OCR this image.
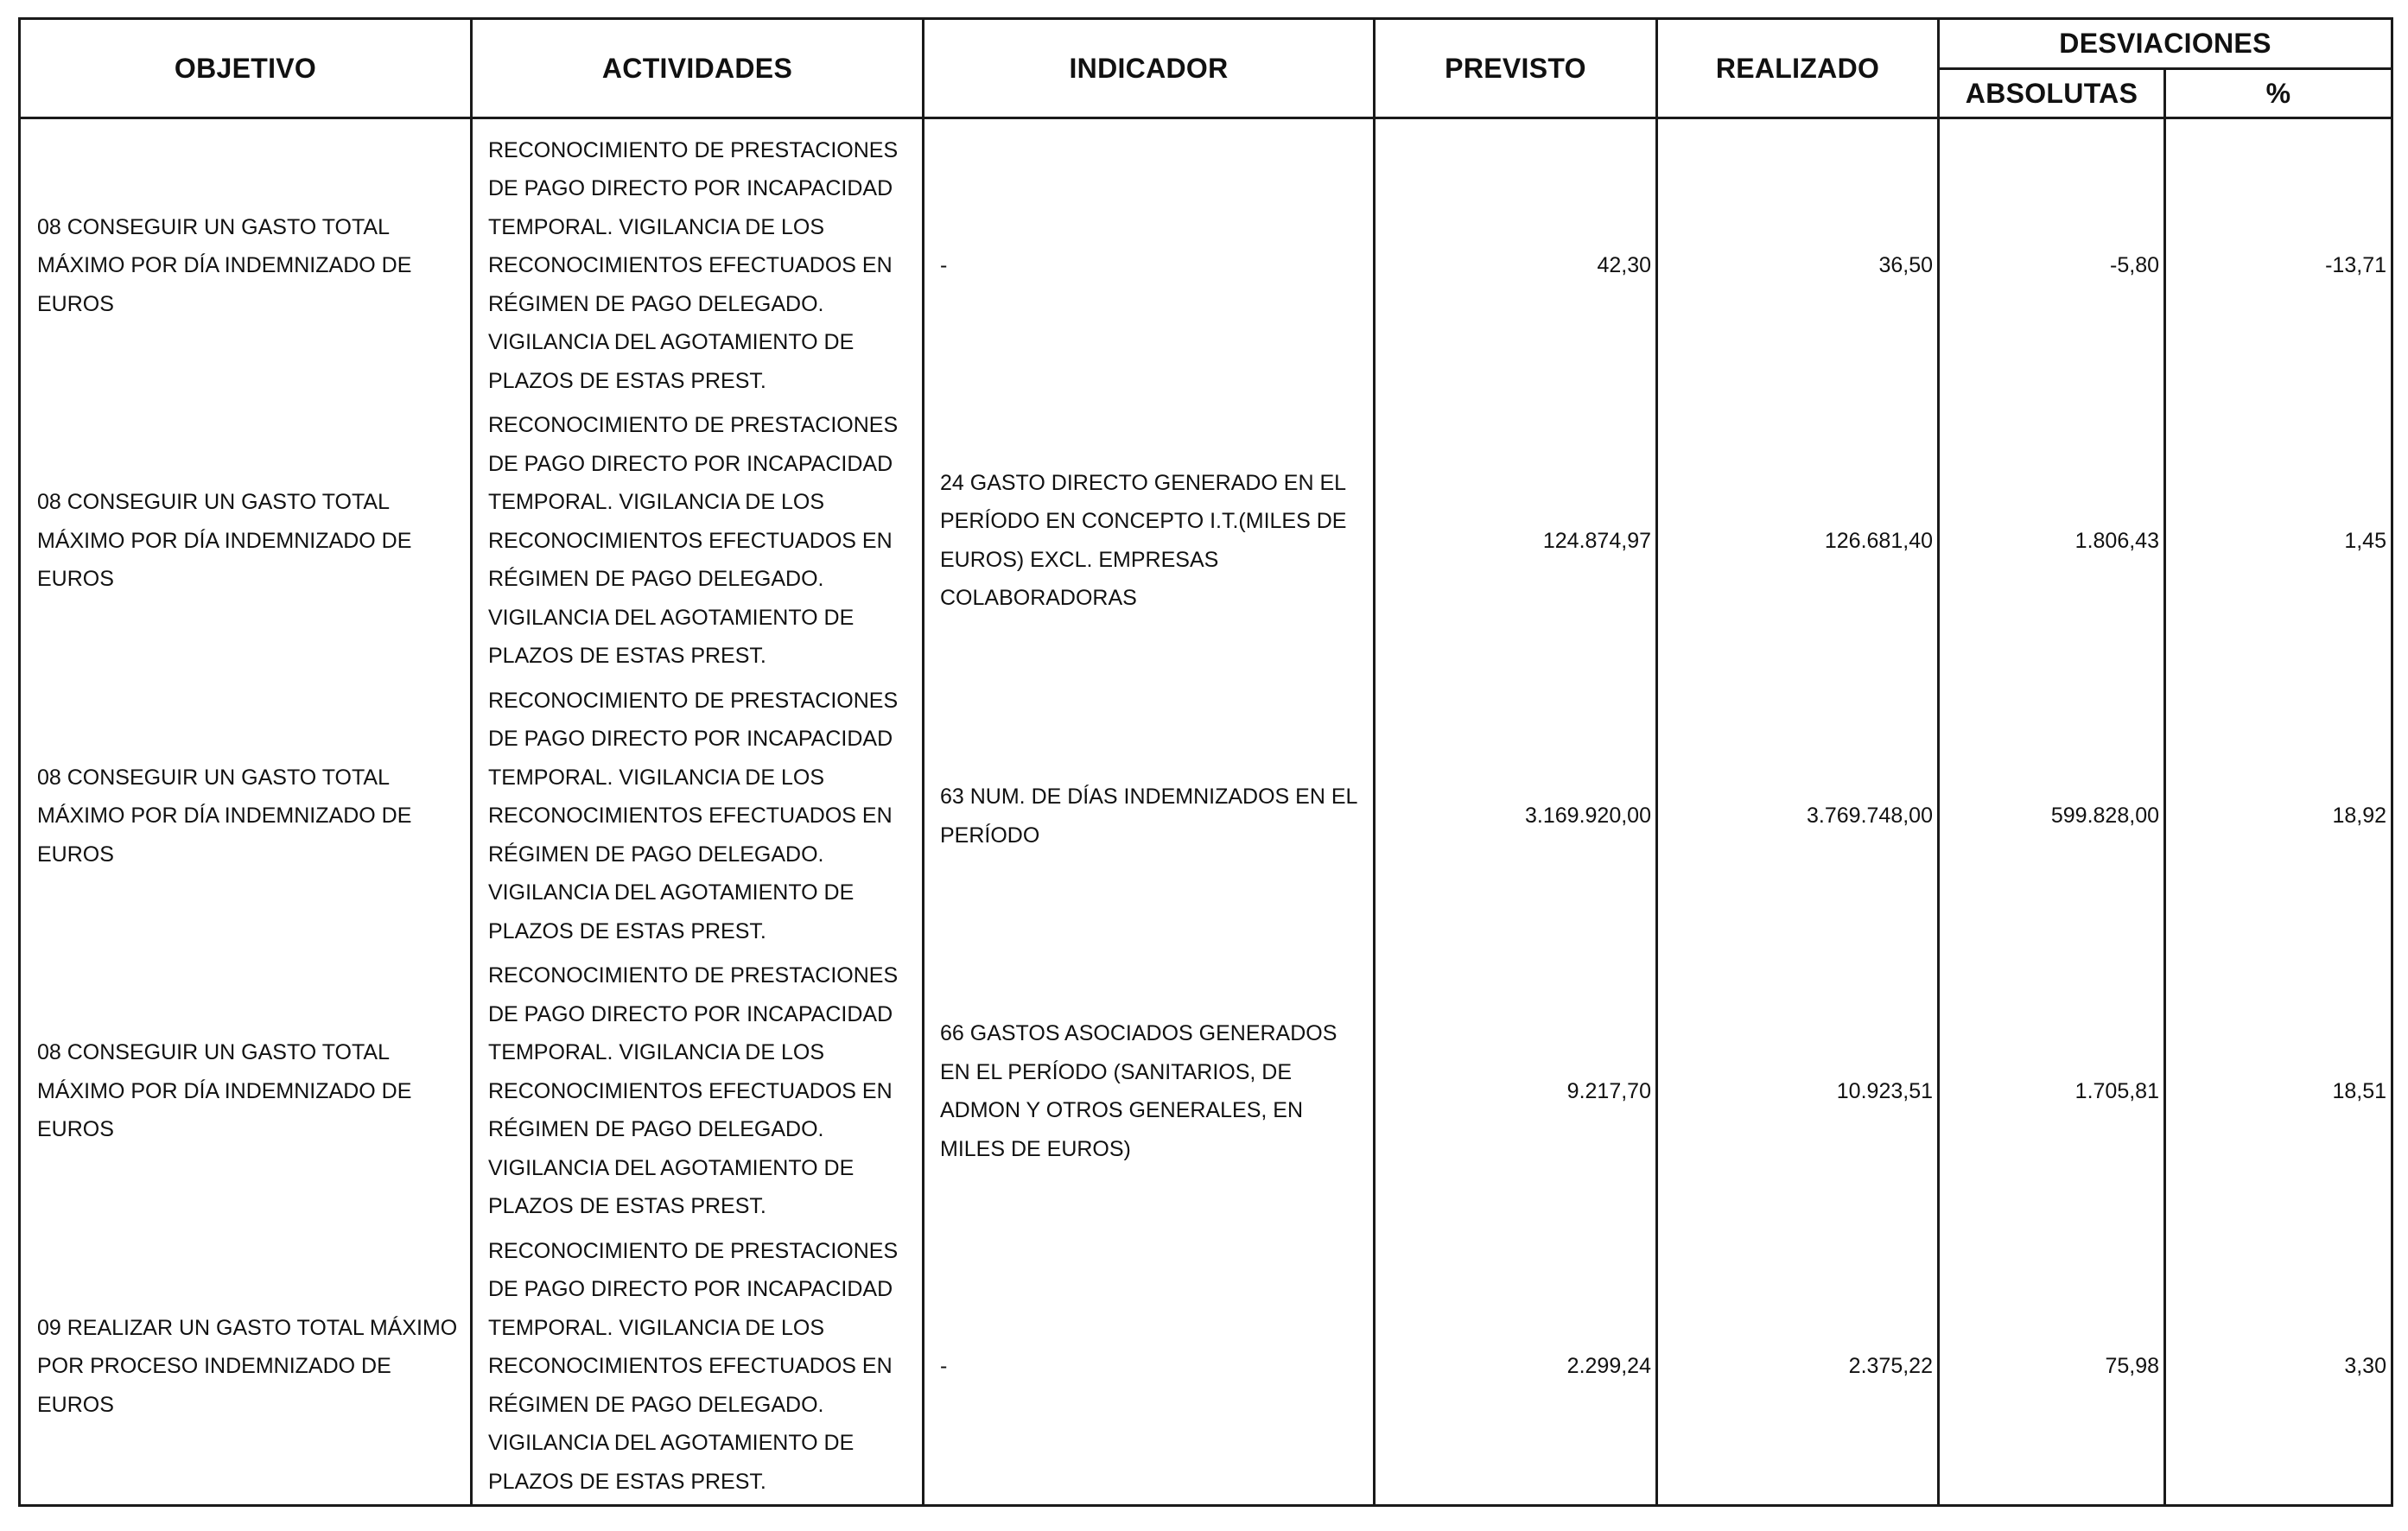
OBJETIVO	ACTIVIDADES	INDICADOR	PREVISTO	REALIZADO	DESVIACIONES	
					ABSOLUTAS	%
08 CONSEGUIR UN GASTO TOTAL MÁXIMO POR DÍA INDEMNIZADO DE EUROS	RECONOCIMIENTO DE PRESTACIONES DE PAGO DIRECTO POR INCAPACIDAD TEMPORAL. VIGILANCIA DE LOS RECONOCIMIENTOS EFECTUADOS EN RÉGIMEN DE PAGO DELEGADO. VIGILANCIA DEL AGOTAMIENTO DE PLAZOS DE ESTAS PREST.	-	42,30	36,50	-5,80	-13,71
08 CONSEGUIR UN GASTO TOTAL MÁXIMO POR DÍA INDEMNIZADO DE EUROS	RECONOCIMIENTO DE PRESTACIONES DE PAGO DIRECTO POR INCAPACIDAD TEMPORAL. VIGILANCIA DE LOS RECONOCIMIENTOS EFECTUADOS EN RÉGIMEN DE PAGO DELEGADO. VIGILANCIA DEL AGOTAMIENTO DE PLAZOS DE ESTAS PREST.	24 GASTO DIRECTO GENERADO EN EL PERÍODO EN CONCEPTO I.T.(MILES DE EUROS) EXCL. EMPRESAS COLABORADORAS	124.874,97	126.681,40	1.806,43	1,45
08 CONSEGUIR UN GASTO TOTAL MÁXIMO POR DÍA INDEMNIZADO DE EUROS	RECONOCIMIENTO DE PRESTACIONES DE PAGO DIRECTO POR INCAPACIDAD TEMPORAL. VIGILANCIA DE LOS RECONOCIMIENTOS EFECTUADOS EN RÉGIMEN DE PAGO DELEGADO. VIGILANCIA DEL AGOTAMIENTO DE PLAZOS DE ESTAS PREST.	63 NUM. DE DÍAS INDEMNIZADOS EN EL PERÍODO	3.169.920,00	3.769.748,00	599.828,00	18,92
08 CONSEGUIR UN GASTO TOTAL MÁXIMO POR DÍA INDEMNIZADO DE EUROS	RECONOCIMIENTO DE PRESTACIONES DE PAGO DIRECTO POR INCAPACIDAD TEMPORAL. VIGILANCIA DE LOS RECONOCIMIENTOS EFECTUADOS EN RÉGIMEN DE PAGO DELEGADO. VIGILANCIA DEL AGOTAMIENTO DE PLAZOS DE ESTAS PREST.	66 GASTOS ASOCIADOS GENERADOS EN EL PERÍODO (SANITARIOS, DE ADMON Y OTROS GENERALES, EN MILES DE EUROS)	9.217,70	10.923,51	1.705,81	18,51
09 REALIZAR UN GASTO TOTAL MÁXIMO POR PROCESO INDEMNIZADO DE EUROS	RECONOCIMIENTO DE PRESTACIONES DE PAGO DIRECTO POR INCAPACIDAD TEMPORAL. VIGILANCIA DE LOS RECONOCIMIENTOS EFECTUADOS EN RÉGIMEN DE PAGO DELEGADO. VIGILANCIA DEL AGOTAMIENTO DE PLAZOS DE ESTAS PREST.	-	2.299,24	2.375,22	75,98	3,30
